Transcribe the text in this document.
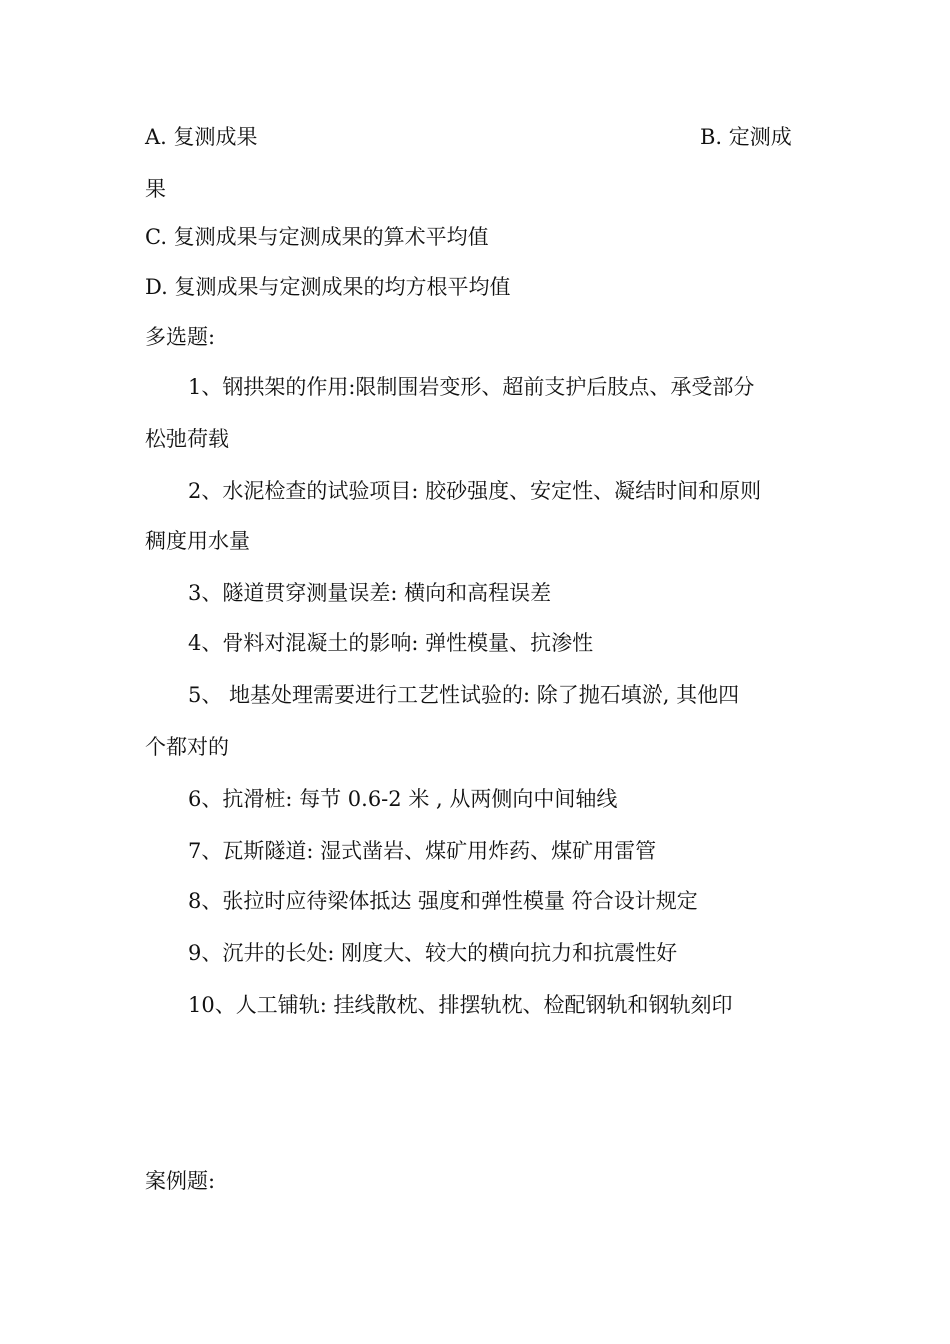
A. 复测成果	B. 定测成
果
C. 复测成果与定测成果的算术平均值
D. 复测成果与定测成果的均方根平均值
多选题:
1、钢拱架的作用:限制围岩变形、超前支护后肢点、承受部分
松弛荷载
2、水泥检查的试验项目: 胶砂强度、安定性、凝结时间和原则
稠度用水量
3、隧道贯穿测量误差: 横向和高程误差
4、骨料对混凝土的影响: 弹性模量、抗渗性
5、 地基处理需要进行工艺性试验的: 除了抛石填淤, 其他四
个都对的
6、抗滑桩: 每节 0.6-2 米 , 从两侧向中间轴线
7、瓦斯隧道: 湿式凿岩、煤矿用炸药、煤矿用雷管
8、张拉时应待梁体抵达 强度和弹性模量 符合设计规定
9、沉井的长处: 刚度大、较大的横向抗力和抗震性好
10、人工铺轨: 挂线散枕、排摆轨枕、检配钢轨和钢轨刻印
案例题:
